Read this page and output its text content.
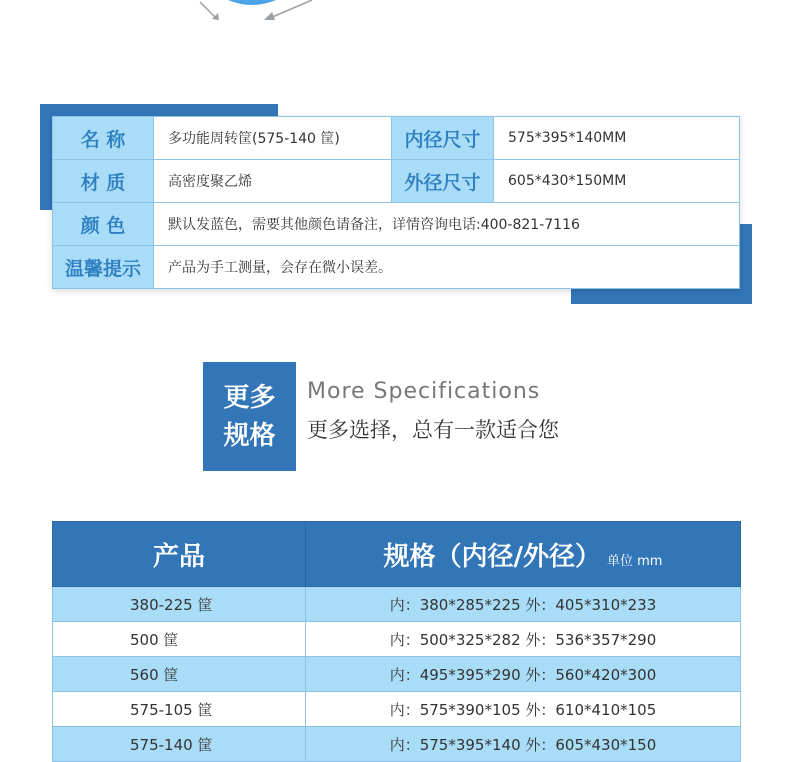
名 称	多功能周转筐(575-140 筐)	内径尺寸	575*395*140MM
材 质	高密度聚乙烯	外径尺寸	605*430*150MM
颜 色	默认发蓝色，需要其他颜色请备注，详情咨询电话:400-821-7116		
温馨提示	产品为手工测量，会存在微小误差。		
更多
规格
More Specifications
更多选择，总有一款适合您
产品	规格（内径/外径） 单位 mm
380-225 筐	内：380*285*225 外：405*310*233
500 筐	内：500*325*282 外：536*357*290
560 筐	内：495*395*290 外：560*420*300
575-105 筐	内：575*390*105 外：610*410*105
575-140 筐	内：575*395*140 外：605*430*150
